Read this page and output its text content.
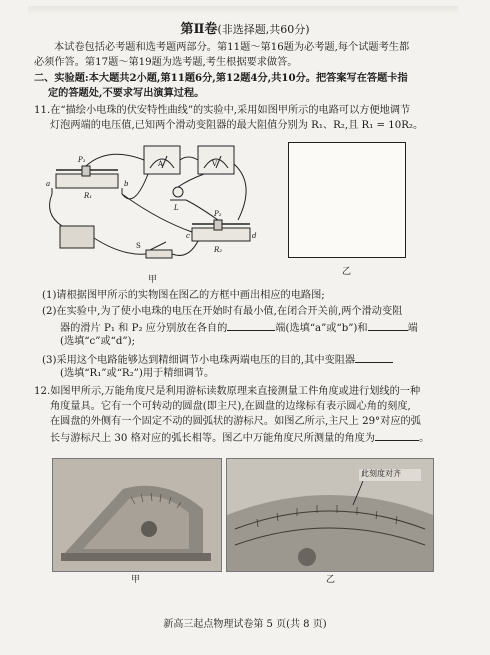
第Ⅱ卷(非选择题,共60分)
本试卷包括必考题和选考题两部分。第11题～第16题为必考题,每个试题考生都
必须作答。第17题～第19题为选考题,考生根据要求做答。
二、实验题:本大题共2小题,第11题6分,第12题4分,共10分。把答案写在答题卡指
定的答题处,不要求写出演算过程。
11.在“描绘小电珠的伏安特性曲线”的实验中,采用如图甲所示的电路可以方便地调节
灯泡两端的电压值,已知两个滑动变阻器的最大阻值分别为 R₁、R₂,且 R₁ = 10R₂。
P₁
a	b
R₁
A	V
L
P₂
c	d
R₂
S
甲
乙
(1)请根据图甲所示的实物图在图乙的方框中画出相应的电路图;
(2)在实验中,为了使小电珠的电压在开始时有最小值,在闭合开关前,两个滑动变阻
器的滑片 P₁ 和 P₂ 应分别放在各自的	端(选填“a”或“b”)和	端
(选填“c”或“d”);
(3)采用这个电路能够达到精细调节小电珠两端电压的目的,其中变阻器
(选填“R₁”或“R₂”)用于精细调节。
12.如图甲所示,万能角度尺是利用游标读数原理来直接测量工件角度或进行划线的一种
角度量具。它有一个可转动的圆盘(即主尺),在圆盘的边缘标有表示圆心角的刻度,
在圆盘的外侧有一个固定不动的圆弧状的游标尺。如图乙所示,主尺上 29°对应的弧
长与游标尺上 30 格对应的弧长相等。图乙中万能角度尺所测量的角度为	。
甲
此刻度对齐
乙
新高三起点物理试卷第 5 页(共 8 页)
